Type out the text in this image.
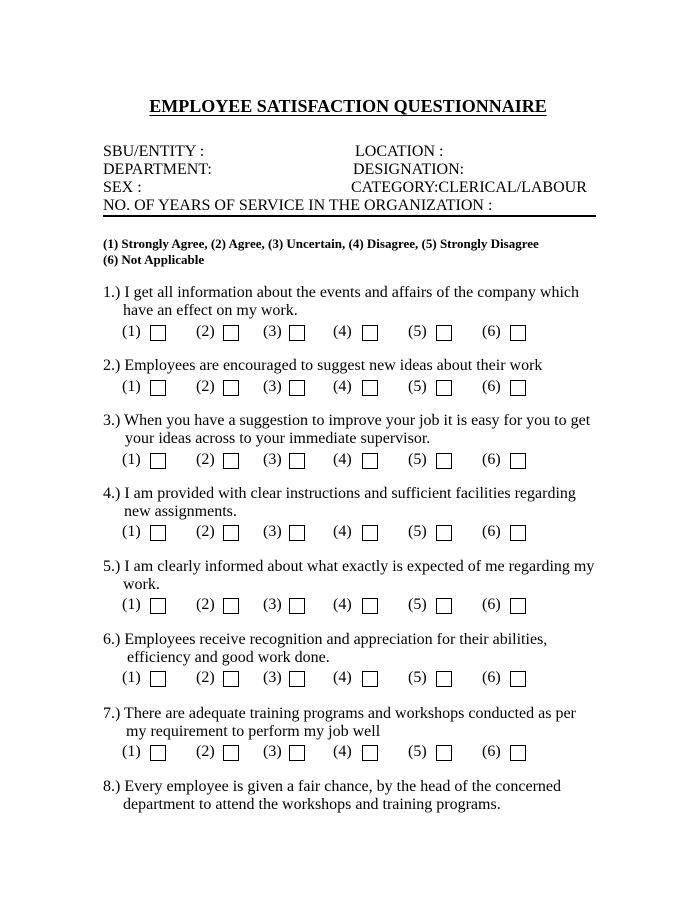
EMPLOYEE SATISFACTION QUESTIONNAIRE
SBU/ENTITY :	LOCATION :
DEPARTMENT:	DESIGNATION:
SEX :	CATEGORY:CLERICAL/LABOUR
NO. OF YEARS OF SERVICE IN THE ORGANIZATION :
(1) Strongly Agree, (2) Agree, (3) Uncertain, (4) Disagree, (5) Strongly Disagree
(6) Not Applicable
1.) I get all information about the events and affairs of the company which
have an effect on my work.
(1)	(2)	(3)	(4)	(5)	(6)
2.) Employees are encouraged to suggest new ideas about their work
(1)	(2)	(3)	(4)	(5)	(6)
3.) When you have a suggestion to improve your job it is easy for you to get
your ideas across to your immediate supervisor.
(1)	(2)	(3)	(4)	(5)	(6)
4.) I am provided with clear instructions and sufficient facilities regarding
new assignments.
(1)	(2)	(3)	(4)	(5)	(6)
5.) I am clearly informed about what exactly is expected of me regarding my
work.
(1)	(2)	(3)	(4)	(5)	(6)
6.) Employees receive recognition and appreciation for their abilities,
efficiency and good work done.
(1)	(2)	(3)	(4)	(5)	(6)
7.) There are adequate training programs and workshops conducted as per
my requirement to perform my job well
(1)	(2)	(3)	(4)	(5)	(6)
8.) Every employee is given a fair chance, by the head of the concerned
department to attend the workshops and training programs.
